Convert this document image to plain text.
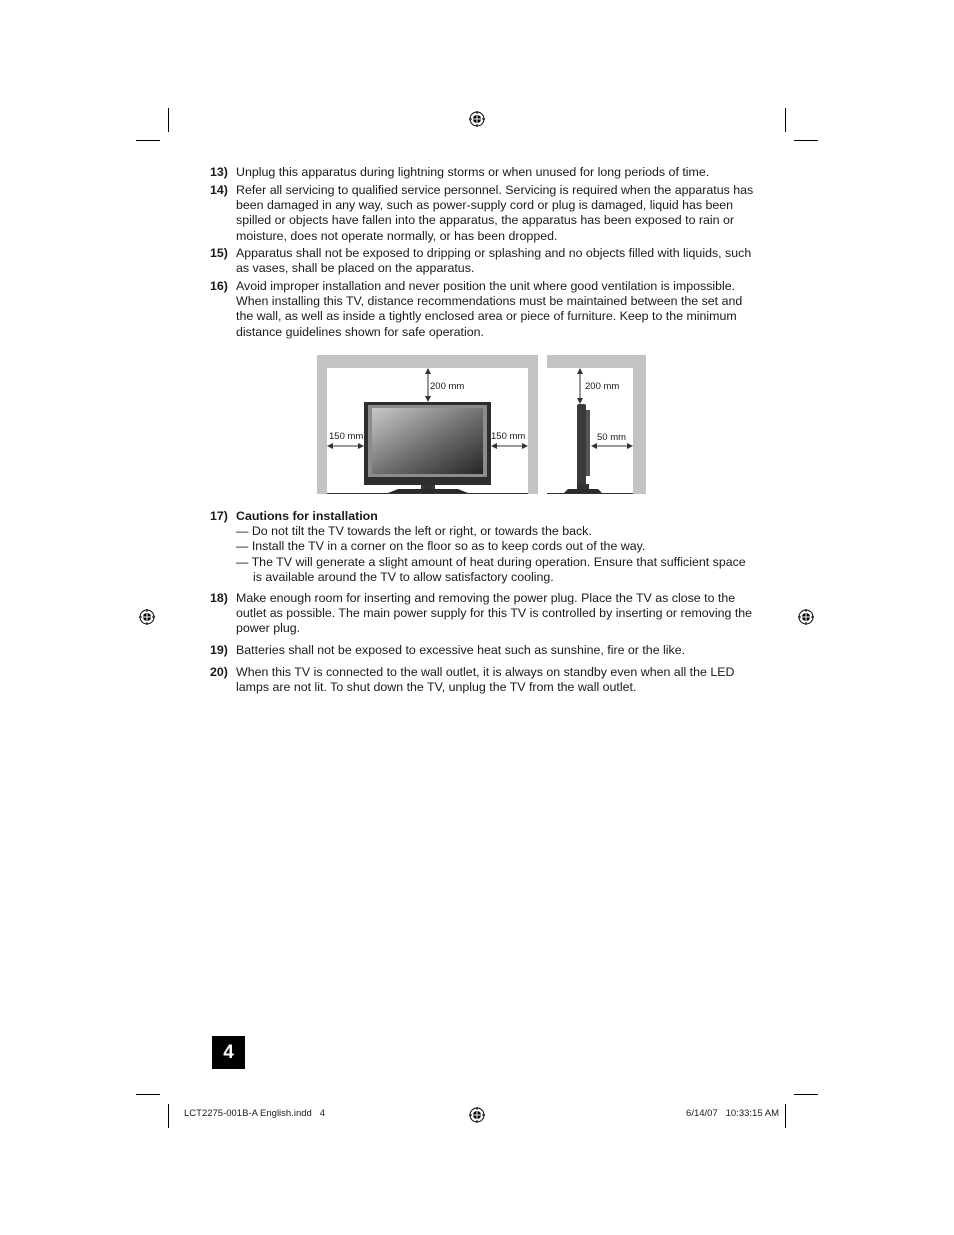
13) Unplug this apparatus during lightning storms or when unused for long periods of time.
14) Refer all servicing to qualified service personnel. Servicing is required when the apparatus has been damaged in any way, such as power-supply cord or plug is damaged, liquid has been spilled or objects have fallen into the apparatus, the apparatus has been exposed to rain or moisture, does not operate normally, or has been dropped.
15) Apparatus shall not be exposed to dripping or splashing and no objects filled with liquids, such as vases, shall be placed on the apparatus.
16) Avoid improper installation and never position the unit where good ventilation is impossible. When installing this TV, distance recommendations must be maintained between the set and the wall, as well as inside a tightly enclosed area or piece of furniture. Keep to the minimum distance guidelines shown for safe operation.
200 mm
150 mm	150 mm
200 mm
50 mm
17) Cautions for installation
— Do not tilt the TV towards the left or right, or towards the back.
— Install the TV in a corner on the floor so as to keep cords out of the way.
— The TV will generate a slight amount of heat during operation. Ensure that sufficient space is available around the TV to allow satisfactory cooling.
18) Make enough room for inserting and removing the power plug. Place the TV as close to the outlet as possible. The main power supply for this TV is controlled by inserting or removing the power plug.
19) Batteries shall not be exposed to excessive heat such as sunshine, fire or the like.
20) When this TV is connected to the wall outlet, it is always on standby even when all the LED lamps are not lit. To shut down the TV, unplug the TV from the wall outlet.
4
LCT2275-001B-A English.indd   4	6/14/07   10:33:15 AM
